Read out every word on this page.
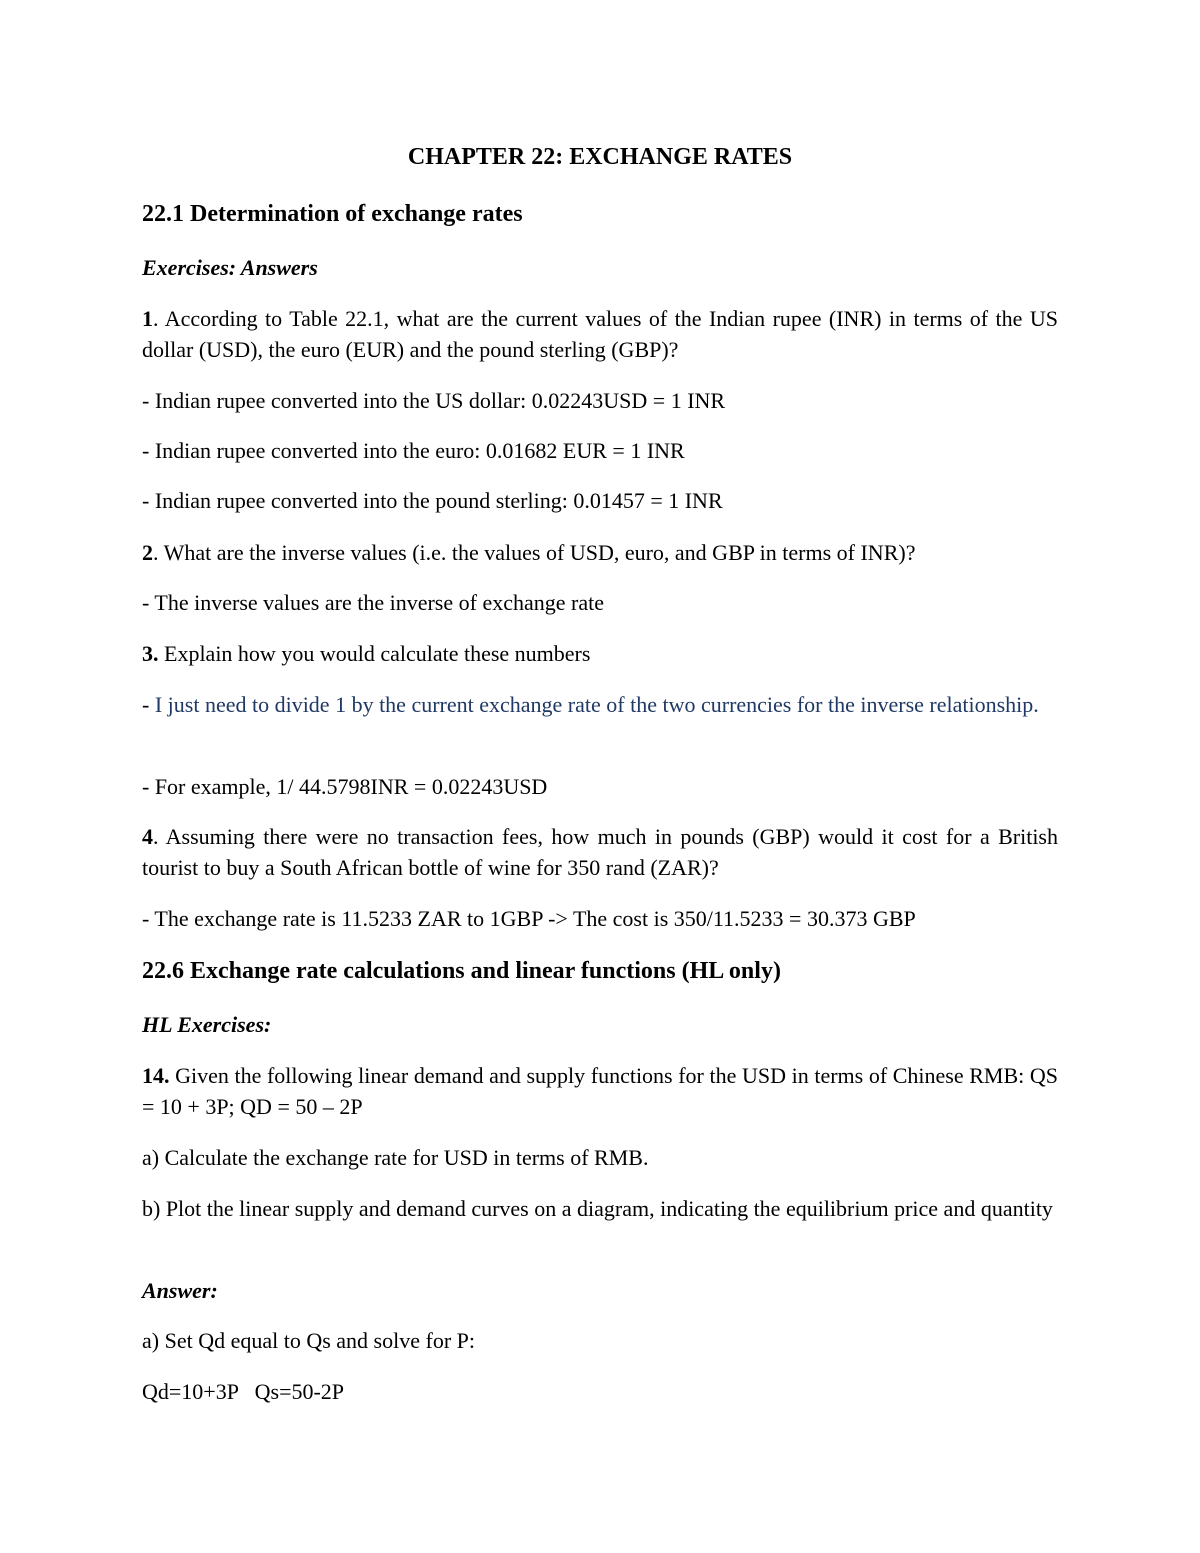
CHAPTER 22: EXCHANGE RATES
22.1 Determination of exchange rates
Exercises: Answers
1. According to Table 22.1, what are the current values of the Indian rupee (INR) in terms of the US dollar (USD), the euro (EUR) and the pound sterling (GBP)?
- Indian rupee converted into the US dollar: 0.02243USD = 1 INR
- Indian rupee converted into the euro: 0.01682 EUR = 1 INR
- Indian rupee converted into the pound sterling: 0.01457 = 1 INR
2. What are the inverse values (i.e. the values of USD, euro, and GBP in terms of INR)?
- The inverse values are the inverse of exchange rate
3. Explain how you would calculate these numbers
- I just need to divide 1 by the current exchange rate of the two currencies for the inverse relationship.
- For example, 1/ 44.5798INR = 0.02243USD
4. Assuming there were no transaction fees, how much in pounds (GBP) would it cost for a British tourist to buy a South African bottle of wine for 350 rand (ZAR)?
- The exchange rate is 11.5233 ZAR to 1GBP -> The cost is 350/11.5233 = 30.373 GBP
22.6 Exchange rate calculations and linear functions (HL only)
HL Exercises:
14. Given the following linear demand and supply functions for the USD in terms of Chinese RMB: QS = 10 + 3P; QD = 50 – 2P
a) Calculate the exchange rate for USD in terms of RMB.
b) Plot the linear supply and demand curves on a diagram, indicating the equilibrium price and quantity
Answer:
a) Set Qd equal to Qs and solve for P:
Qd=10+3P   Qs=50-2P
